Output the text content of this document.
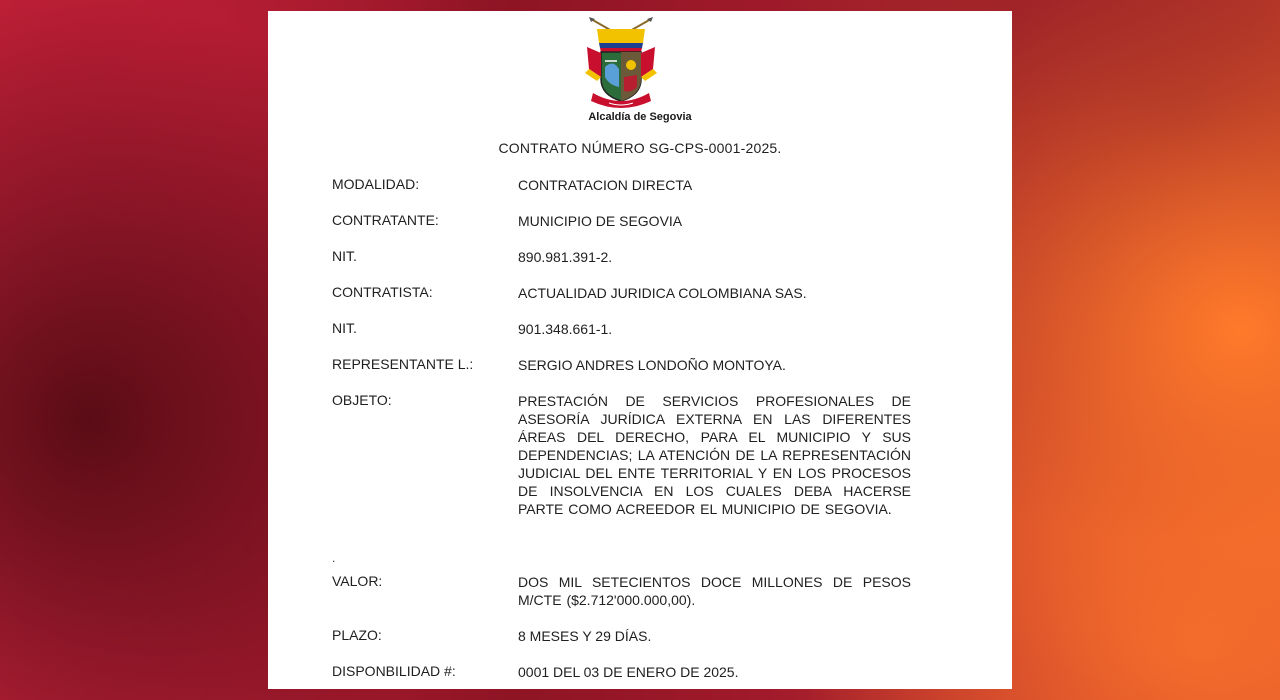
Alcaldía de Segovia
CONTRATO NÚMERO SG-CPS-0001-2025.
MODALIDAD:	CONTRATACION DIRECTA
CONTRATANTE:	MUNICIPIO DE SEGOVIA
NIT.	890.981.391-2.
CONTRATISTA:	ACTUALIDAD JURIDICA COLOMBIANA SAS.
NIT.	901.348.661-1.
REPRESENTANTE L.:	SERGIO ANDRES LONDOÑO MONTOYA.
OBJETO:	PRESTACIÓN DE SERVICIOS PROFESIONALES DE ASESORÍA JURÍDICA EXTERNA EN LAS DIFERENTES ÁREAS DEL DERECHO, PARA EL MUNICIPIO Y SUS DEPENDENCIAS; LA ATENCIÓN DE LA REPRESENTACIÓN JUDICIAL DEL ENTE TERRITORIAL Y EN LOS PROCESOS DE INSOLVENCIA EN LOS CUALES DEBA HACERSE PARTE COMO ACREEDOR EL MUNICIPIO DE SEGOVIA.
.
VALOR:	DOS MIL SETECIENTOS DOCE MILLONES DE PESOS M/CTE ($2.712'000.000,00).
PLAZO:	8 MESES Y 29 DÍAS.
DISPONBILIDAD #:	0001 DEL 03 DE ENERO DE 2025.
